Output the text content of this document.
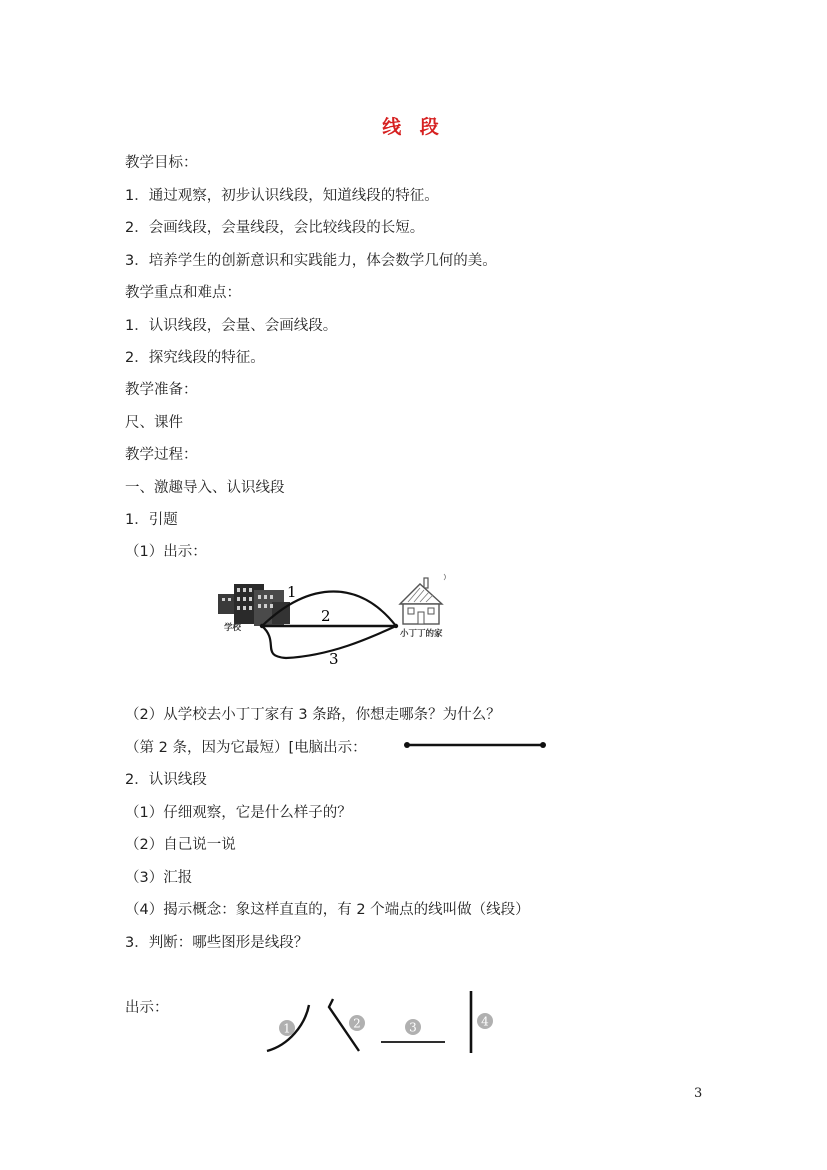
线 段
教学目标：
1．通过观察，初步认识线段，知道线段的特征。
2．会画线段，会量线段，会比较线段的长短。
3．培养学生的创新意识和实践能力，体会数学几何的美。
教学重点和难点：
1．认识线段，会量、会画线段。
2．探究线段的特征。
教学准备：
尺、课件
教学过程：
一、激趣导入、认识线段
1．引题
（1）出示：
1
2
3
学校
小丁丁的家
（2）从学校去小丁丁家有 3 条路，你想走哪条？为什么？
（第 2 条，因为它最短）[电脑出示：
2．认识线段
（1）仔细观察，它是什么样子的？
（2）自己说一说
（3）汇报
（4）揭示概念：象这样直直的，有 2 个端点的线叫做（线段）
3．判断：哪些图形是线段？
出示：
1	2	3	4
3
